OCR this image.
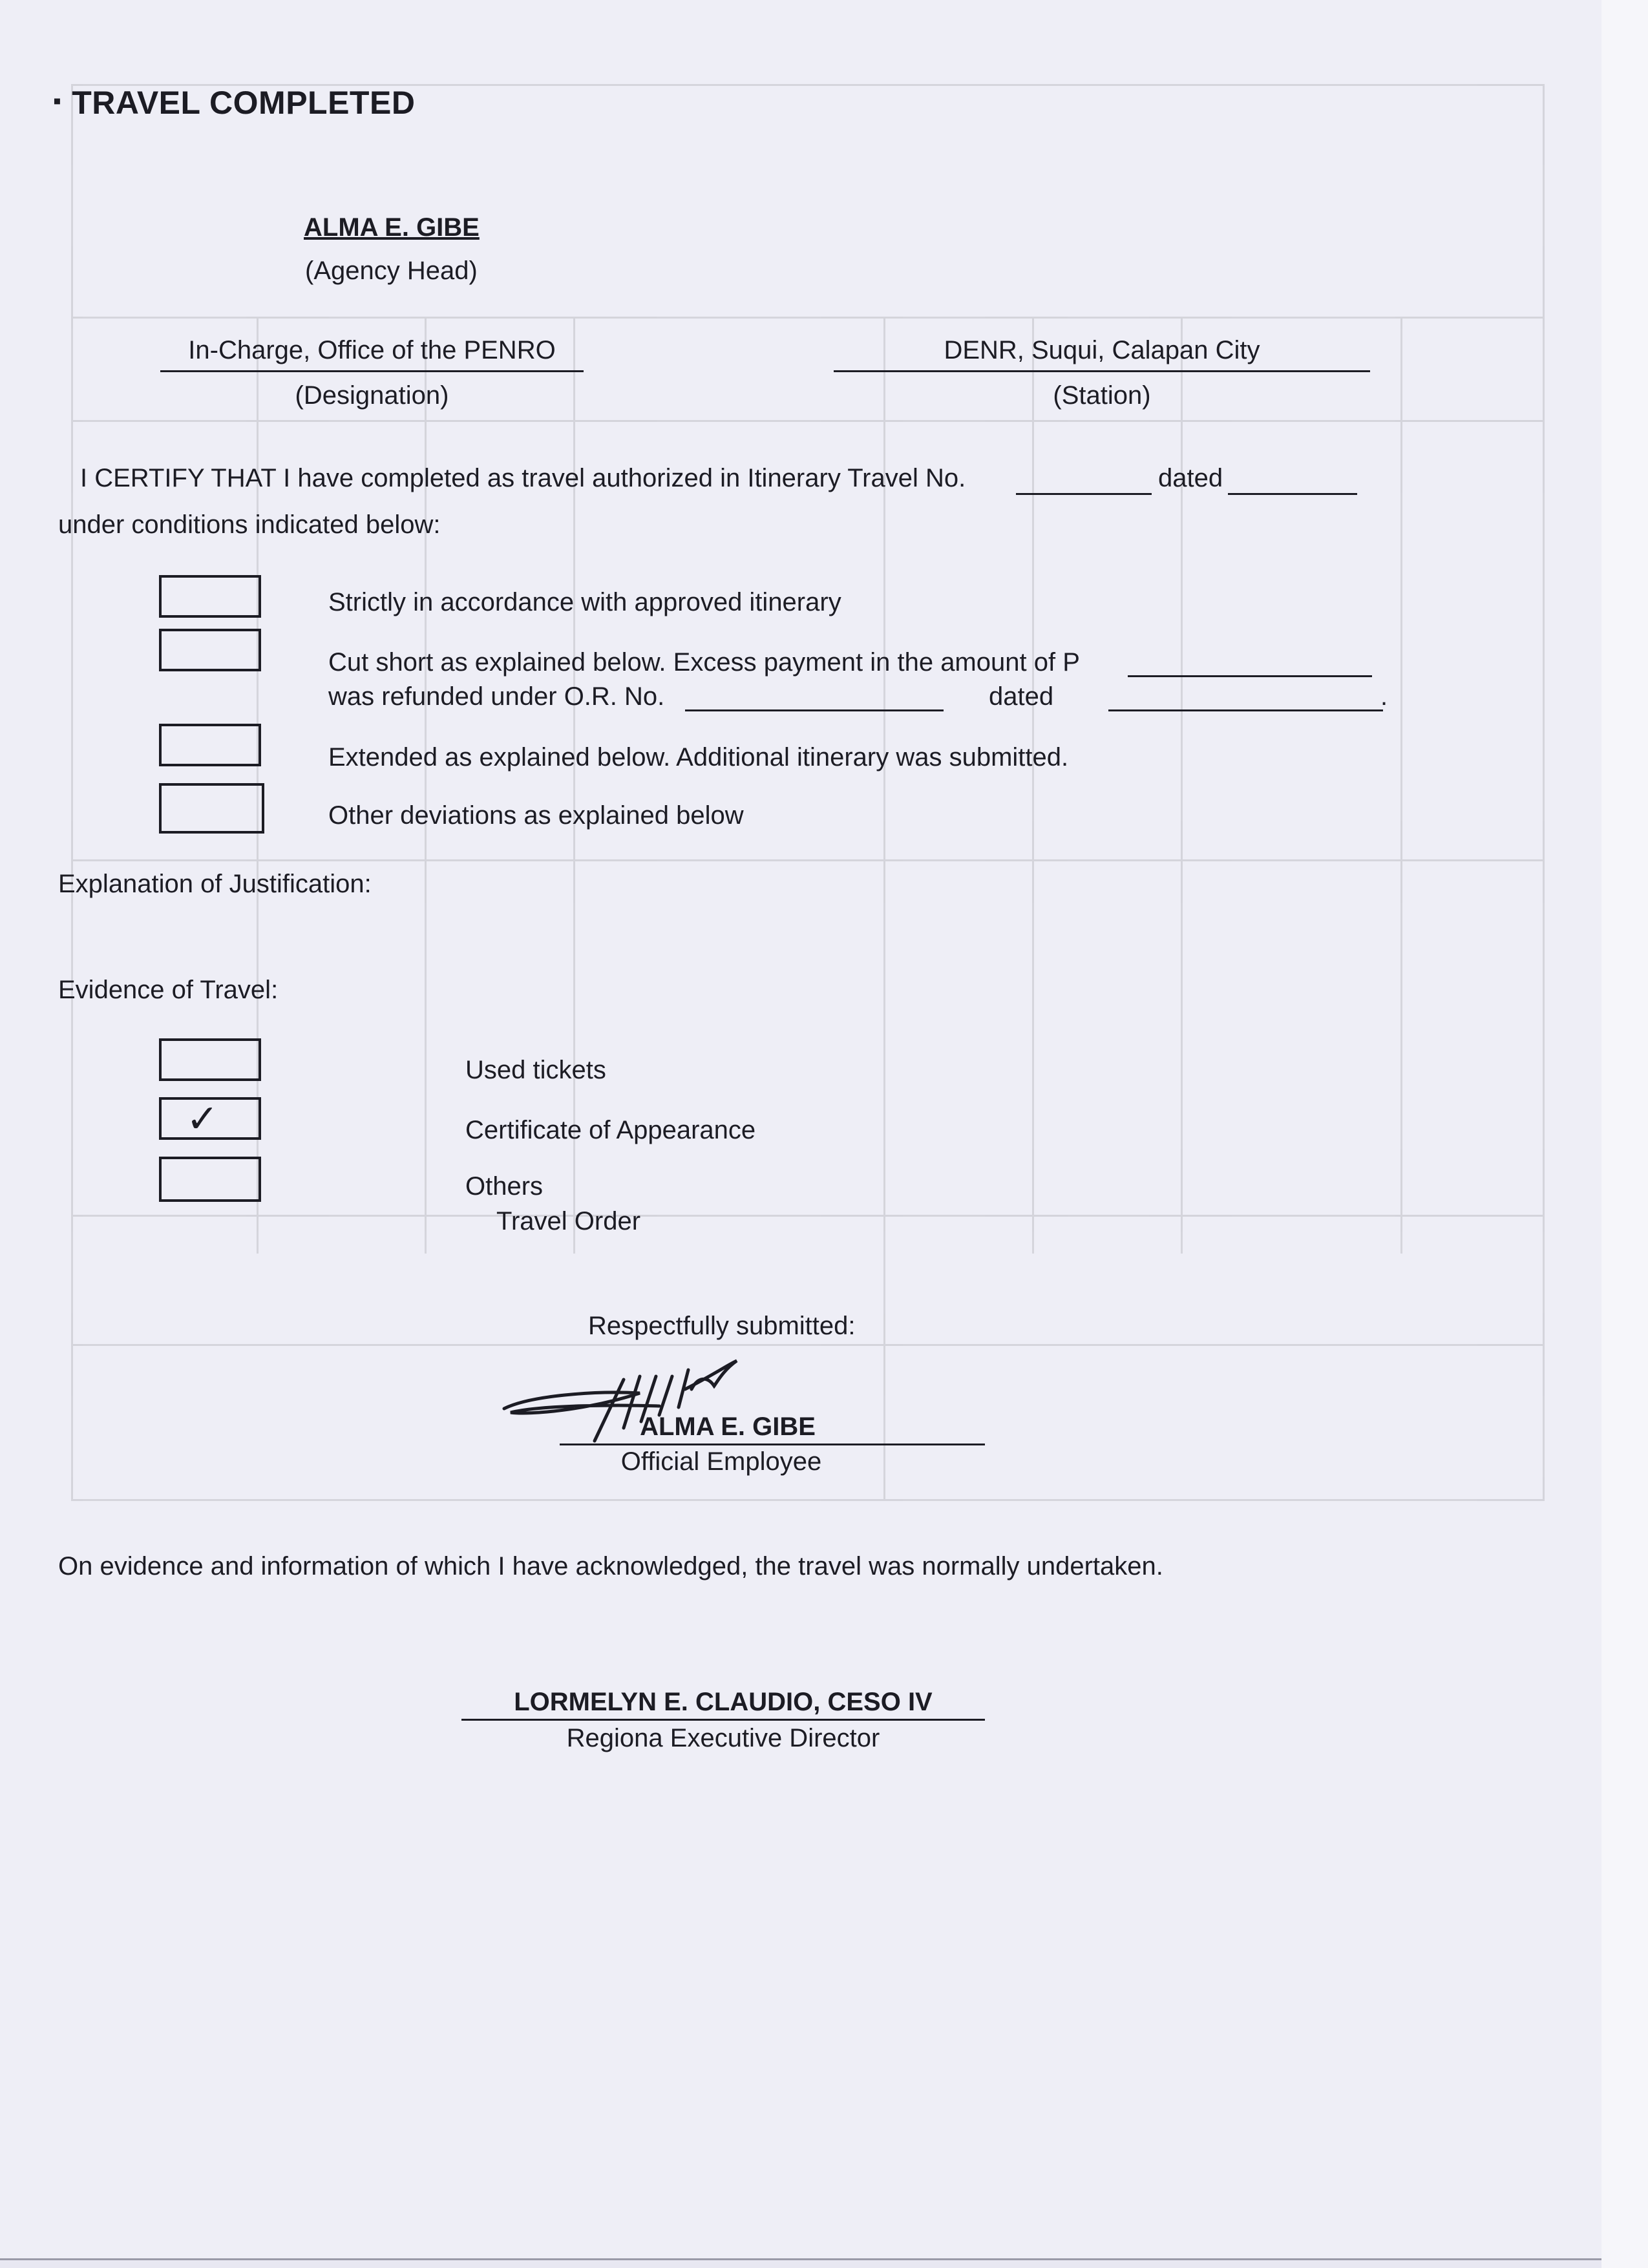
▪ TRAVEL COMPLETED
ALMA E. GIBE
(Agency Head)
In-Charge, Office of the PENRO
(Designation)
DENR, Suqui, Calapan City
(Station)
I CERTIFY THAT I have completed as travel authorized in Itinerary Travel No.	dated
under conditions indicated below:
Strictly in accordance with approved itinerary
Cut short as explained below. Excess payment in the amount of P
was refunded under O.R. No.	dated	.
Extended as explained below. Additional itinerary was submitted.
Other deviations as explained below
Explanation of Justification:
Evidence of Travel:
Used tickets
✓	Certificate of Appearance
Others
Travel Order
Respectfully submitted:
ALMA E. GIBE
Official Employee
On evidence and information of which I have acknowledged, the travel was normally undertaken.
LORMELYN E. CLAUDIO, CESO IV
Regiona Executive Director
